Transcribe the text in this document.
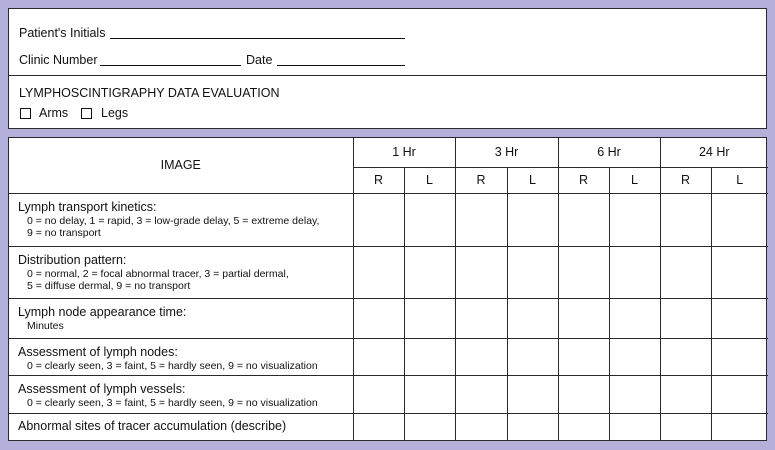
Patient's Initials
Clinic Number	Date
LYMPHOSCINTIGRAPHY DATA EVALUATION
Arms	Legs
IMAGE	1 Hr		3 Hr		6 Hr		24 Hr	
	R	L	R	L	R	L	R	L

Lymph transport kinetics:
0 = no delay, 1 = rapid, 3 = low-grade delay, 5 = extreme delay,
9 = no transport								

Distribution pattern:
0 = normal, 2 = focal abnormal tracer, 3 = partial dermal,
5 = diffuse dermal, 9 = no transport								

Lymph node appearance time:
Minutes								

Assessment of lymph nodes:
0 = clearly seen, 3 = faint, 5 = hardly seen, 9 = no visualization								

Assessment of lymph vessels:
0 = clearly seen, 3 = faint, 5 = hardly seen, 9 = no visualization								

Abnormal sites of tracer accumulation (describe)								
